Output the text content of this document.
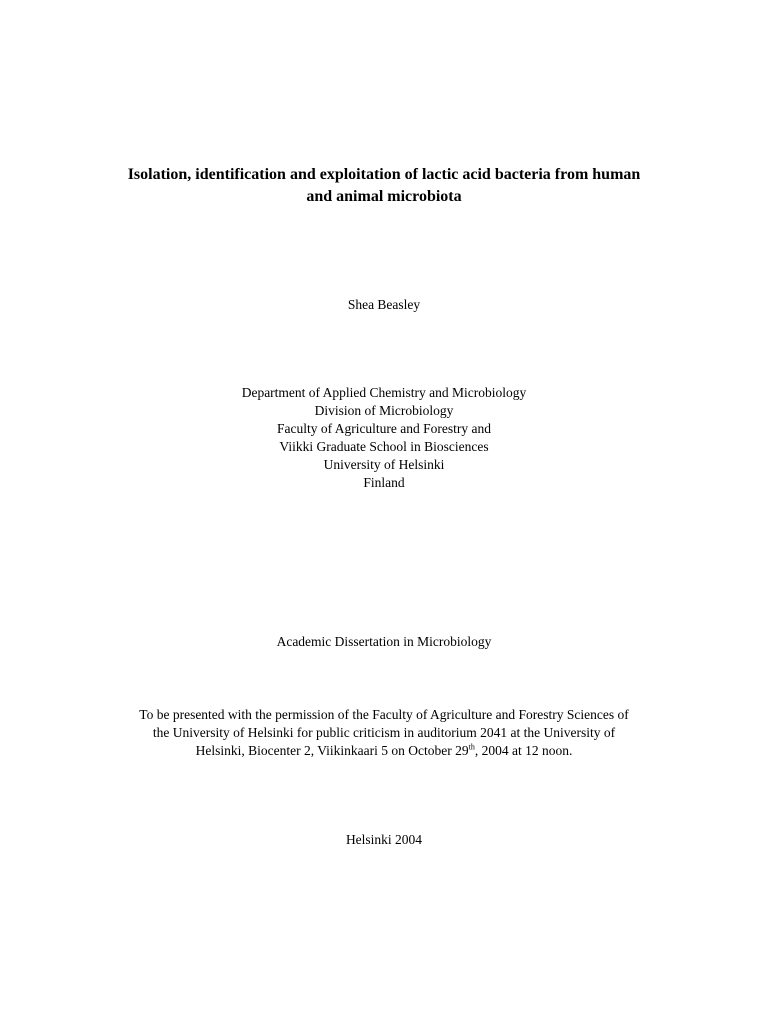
Isolation, identification and exploitation of lactic acid bacteria from human
and animal microbiota
Shea Beasley
Department of Applied Chemistry and Microbiology
Division of Microbiology
Faculty of Agriculture and Forestry and
Viikki Graduate School in Biosciences
University of Helsinki
Finland
Academic Dissertation in Microbiology
To be presented with the permission of the Faculty of Agriculture and Forestry Sciences of
the University of Helsinki for public criticism in auditorium 2041 at the University of
Helsinki, Biocenter 2, Viikinkaari 5 on October 29th, 2004 at 12 noon.
Helsinki 2004
